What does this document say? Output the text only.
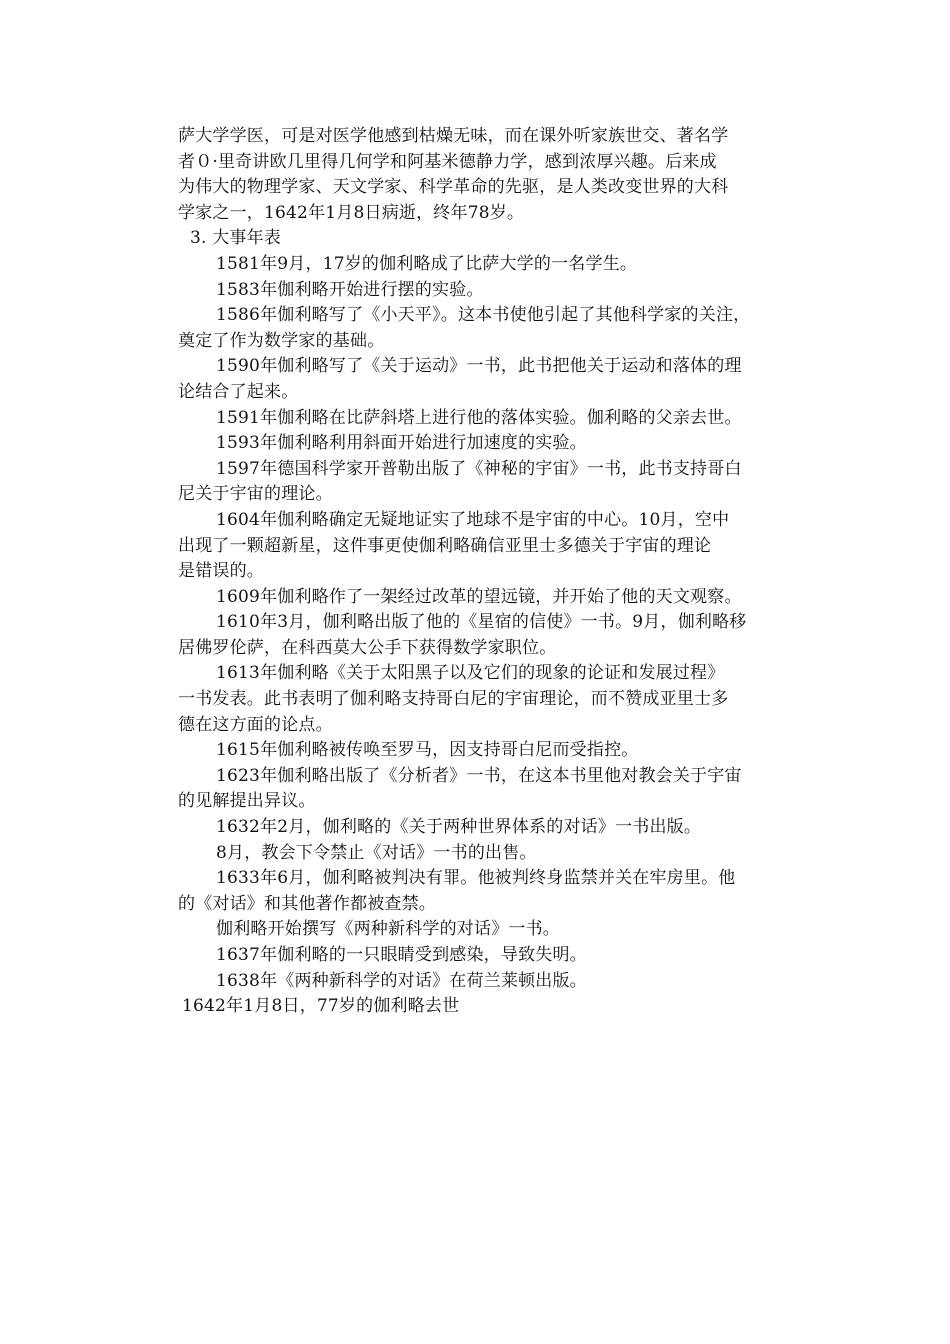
萨大学学医，可是对医学他感到枯燥无味，而在课外听家族世交、著名学
者０·里奇讲欧几里得几何学和阿基米德静力学，感到浓厚兴趣。后来成
为伟大的物理学家、天文学家、科学革命的先驱，是人类改变世界的大科
学家之一，1642年1月8日病逝，终年78岁。
3. 大事年表
1581年9月，17岁的伽利略成了比萨大学的一名学生。
1583年伽利略开始进行摆的实验。
1586年伽利略写了《小天平》。这本书使他引起了其他科学家的关注，
奠定了作为数学家的基础。
1590年伽利略写了《关于运动》一书，此书把他关于运动和落体的理
论结合了起来。
1591年伽利略在比萨斜塔上进行他的落体实验。伽利略的父亲去世。
1593年伽利略利用斜面开始进行加速度的实验。
1597年德国科学家开普勒出版了《神秘的宇宙》一书，此书支持哥白
尼关于宇宙的理论。
1604年伽利略确定无疑地证实了地球不是宇宙的中心。10月，空中
出现了一颗超新星，这件事更使伽利略确信亚里士多德关于宇宙的理论
是错误的。
1609年伽利略作了一架经过改革的望远镜，并开始了他的天文观察。
1610年3月，伽利略出版了他的《星宿的信使》一书。9月，伽利略移
居佛罗伦萨，在科西莫大公手下获得数学家职位。
1613年伽利略《关于太阳黑子以及它们的现象的论证和发展过程》
一书发表。此书表明了伽利略支持哥白尼的宇宙理论，而不赞成亚里士多
德在这方面的论点。
1615年伽利略被传唤至罗马，因支持哥白尼而受指控。
1623年伽利略出版了《分析者》一书，在这本书里他对教会关于宇宙
的见解提出异议。
1632年2月，伽利略的《关于两种世界体系的对话》一书出版。
8月，教会下令禁止《对话》一书的出售。
1633年6月，伽利略被判决有罪。他被判终身监禁并关在牢房里。他
的《对话》和其他著作都被查禁。
伽利略开始撰写《两种新科学的对话》一书。
1637年伽利略的一只眼睛受到感染，导致失明。
1638年《两种新科学的对话》在荷兰莱顿出版。
1642年1月8日，77岁的伽利略去世
